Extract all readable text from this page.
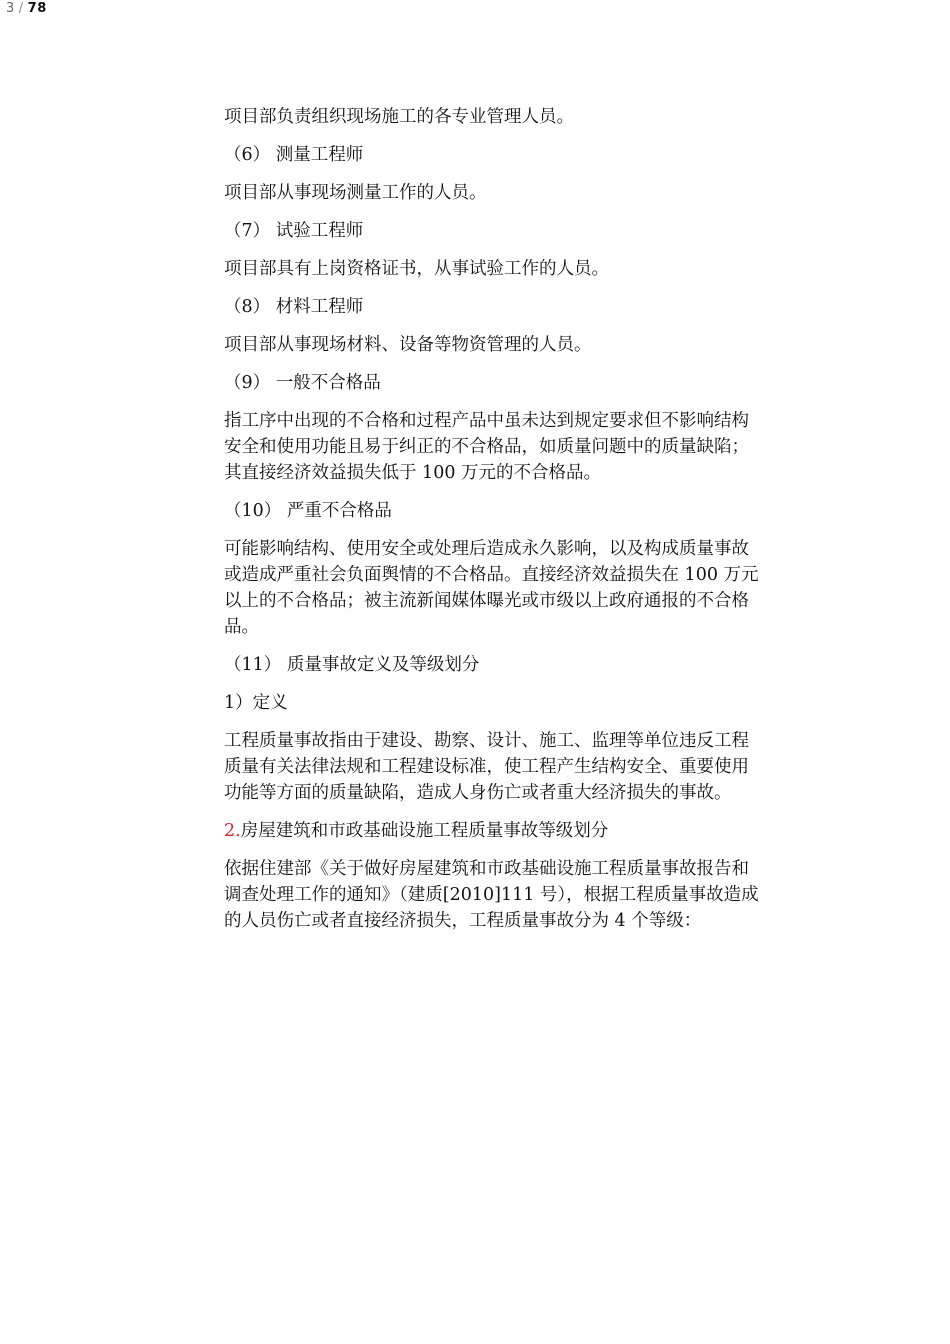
3 / 78

项目部负责组织现场施工的各专业管理人员。

（6） 测量工程师

项目部从事现场测量工作的人员。

（7） 试验工程师

项目部具有上岗资格证书，从事试验工作的人员。

（8） 材料工程师

项目部从事现场材料、设备等物资管理的人员。

（9） 一般不合格品

指工序中出现的不合格和过程产品中虽未达到规定要求但不影响结构

安全和使用功能且易于纠正的不合格品，如质量问题中的质量缺陷；

其直接经济效益损失低于 100 万元的不合格品。

（10） 严重不合格品

可能影响结构、使用安全或处理后造成永久影响，以及构成质量事故

或造成严重社会负面舆情的不合格品。直接经济效益损失在 100 万元

以上的不合格品；被主流新闻媒体曝光或市级以上政府通报的不合格

品。

（11） 质量事故定义及等级划分

1）定义

工程质量事故指由于建设、勘察、设计、施工、监理等单位违反工程

质量有关法律法规和工程建设标准，使工程产生结构安全、重要使用

功能等方面的质量缺陷，造成人身伤亡或者重大经济损失的事故。

2.房屋建筑和市政基础设施工程质量事故等级划分

依据住建部《关于做好房屋建筑和市政基础设施工程质量事故报告和

调查处理工作的通知》（建质[2010]111 号），根据工程质量事故造成

的人员伤亡或者直接经济损失，工程质量事故分为 4 个等级：
